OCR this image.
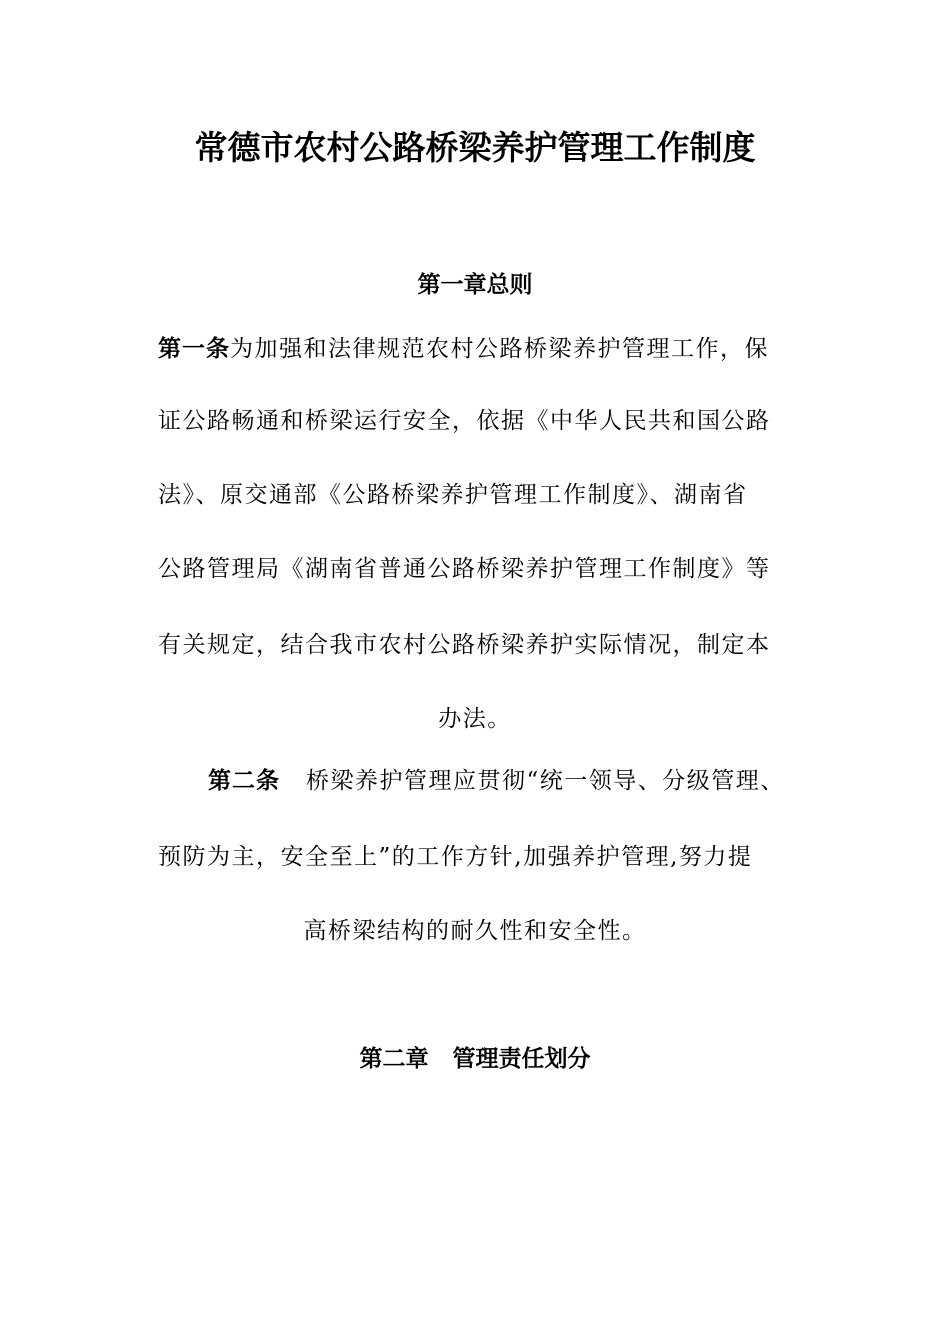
常德市农村公路桥梁养护管理工作制度
第一章总则
第一条为加强和法律规范农村公路桥梁养护管理工作，保
证公路畅通和桥梁运行安全，依据《中华人民共和国公路
法》、原交通部《公路桥梁养护管理工作制度》、湖南省
公路管理局《湖南省普通公路桥梁养护管理工作制度》等
有关规定，结合我市农村公路桥梁养护实际情况，制定本
办法。
第二条 桥梁养护管理应贯彻“统一领导、分级管理、
预防为主，安全至上”的工作方针,加强养护管理,努力提
高桥梁结构的耐久性和安全性。
第二章 管理责任划分
